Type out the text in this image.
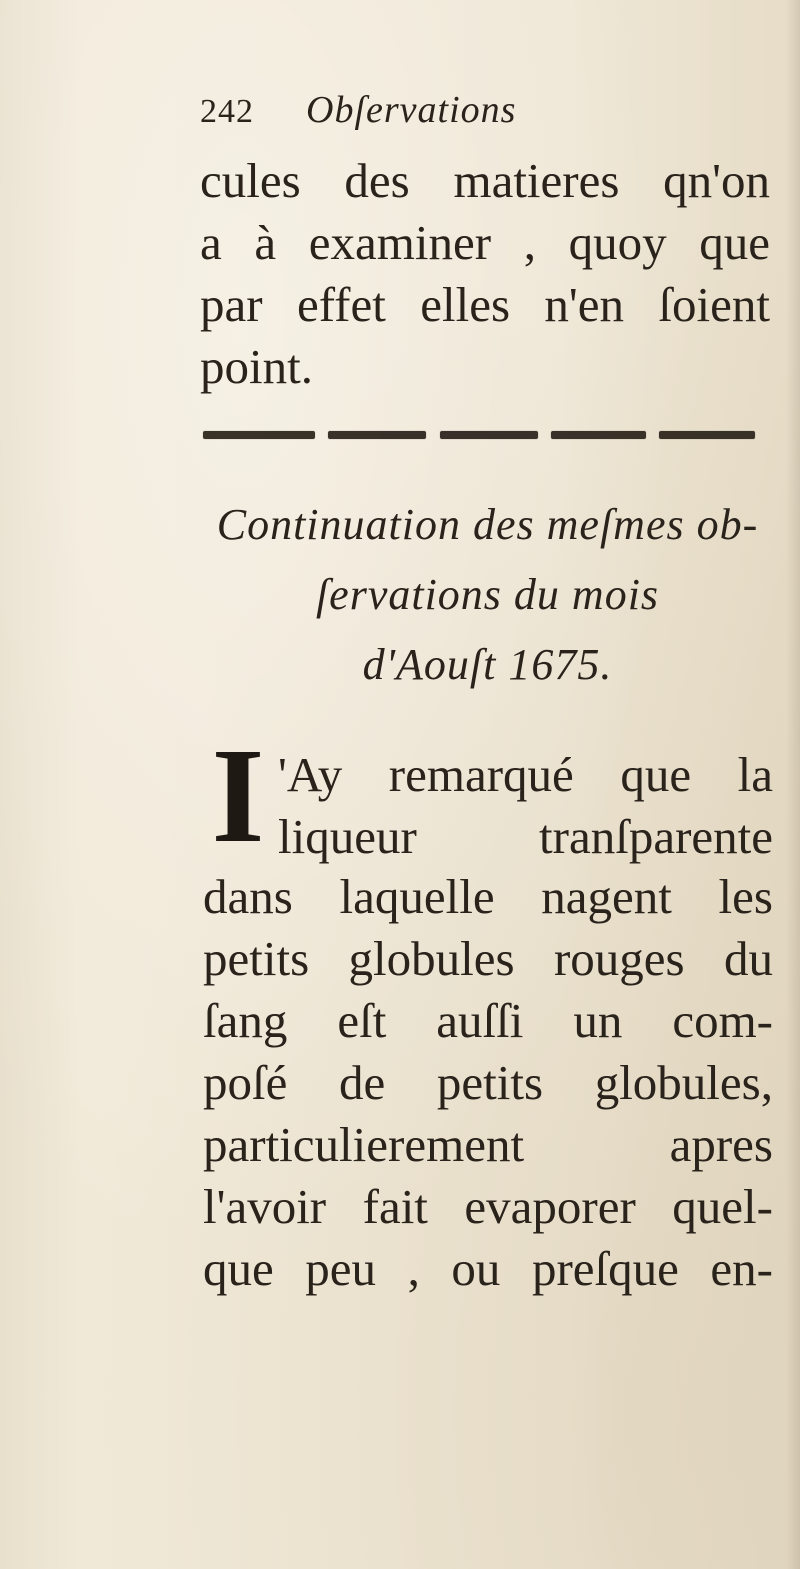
242 Obſervations
cules des matieres qn'on
a à examiner , quoy que
par effet elles n'en ſoient
point.
Continuation des meſmes ob-
ſervations du mois
d'Aouſt 1675.
I 'Ay remarqué que la
liqueur tranſparente
dans laquelle nagent les
petits globules rouges du
ſang eſt auſſi un com-
poſé de petits globules,
particulierement apres
l'avoir fait evaporer quel-
que peu , ou preſque en-
